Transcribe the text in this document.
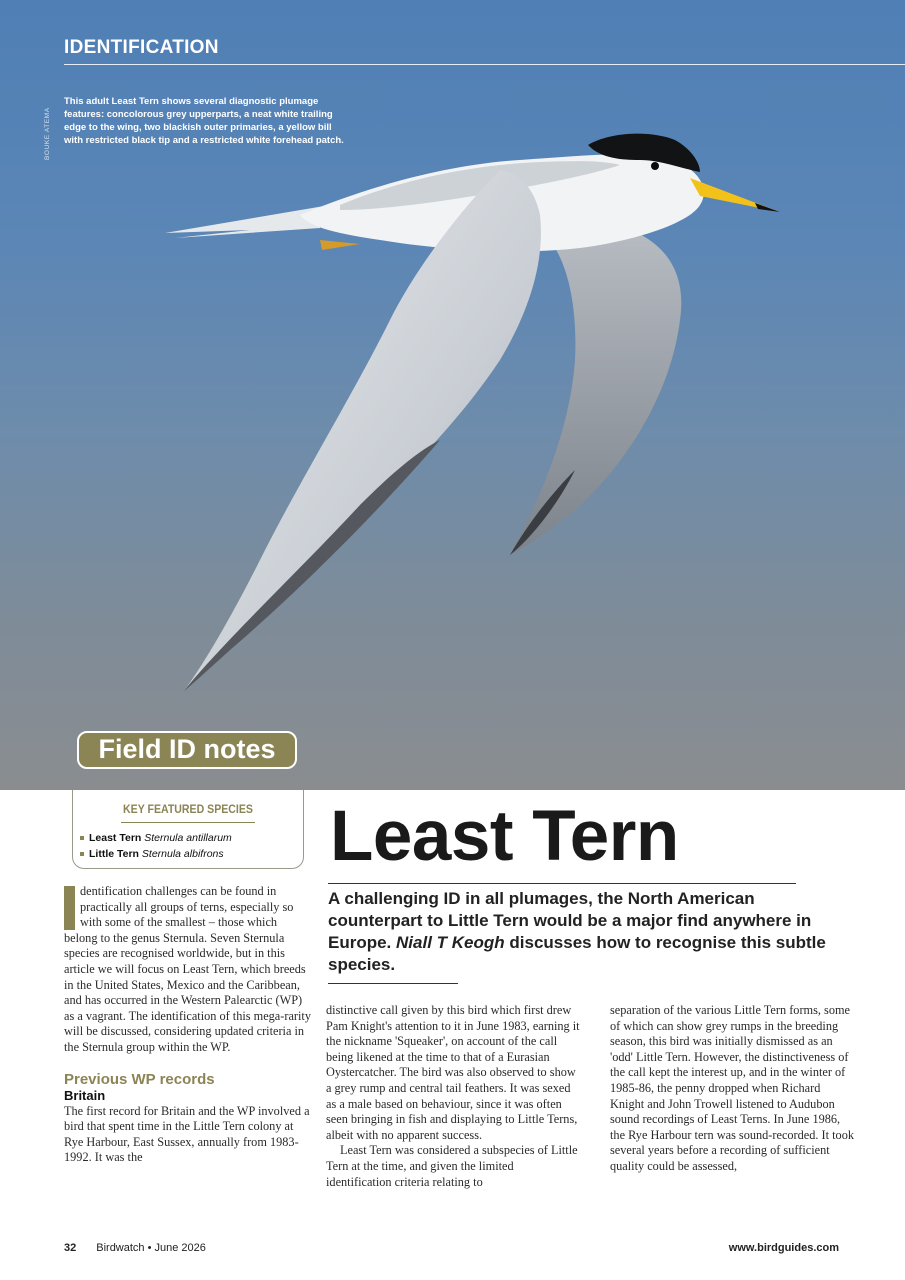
IDENTIFICATION
BOUKE ATEMA
This adult Least Tern shows several diagnostic plumage features: concolorous grey upperparts, a neat white trailing edge to the wing, two blackish outer primaries, a yellow bill with restricted black tip and a restricted white forehead patch.
Field ID notes
KEY FEATURED SPECIES
Least Tern Sternula antillarum
Little Tern Sternula albifrons Least Tern
A challenging ID in all plumages, the North American counterpart to Little Tern would be a major find anywhere in Europe. Niall T Keogh discusses how to recognise this subtle species.

dentification challenges can be found in practically all groups of terns, especially so with some of the smallest – those which belong to the genus Sternula. Seven Sternula species are recognised worldwide, but in this article we will focus on Least Tern, which breeds in the United States, Mexico and the Caribbean, and has occurred in the Western Palearctic (WP) as a vagrant. The identification of this mega-rarity will be discussed, considering updated criteria in the Sternula group within the WP.

Previous WP records
Britain

The first record for Britain and the WP involved a bird that spent time in the Little Tern colony at Rye Harbour, East Sussex, annually from 1983-1992. It was the

distinctive call given by this bird which first drew Pam Knight's attention to it in June 1983, earning it the nickname 'Squeaker', on account of the call being likened at the time to that of a Eurasian Oystercatcher. The bird was also observed to show a grey rump and central tail feathers. It was sexed as a male based on behaviour, since it was often seen bringing in fish and displaying to Little Terns, albeit with no apparent success.

Least Tern was considered a subspecies of Little Tern at the time, and given the limited identification criteria relating to

separation of the various Little Tern forms, some of which can show grey rumps in the breeding season, this bird was initially dismissed as an 'odd' Little Tern. However, the distinctiveness of the call kept the interest up, and in the winter of 1985-86, the penny dropped when Richard Knight and John Trowell listened to Audubon sound recordings of Least Terns. In June 1986, the Rye Harbour tern was sound-recorded. It took several years before a recording of sufficient quality could be assessed,

32 Birdwatch • June 2026	www.birdguides.com
